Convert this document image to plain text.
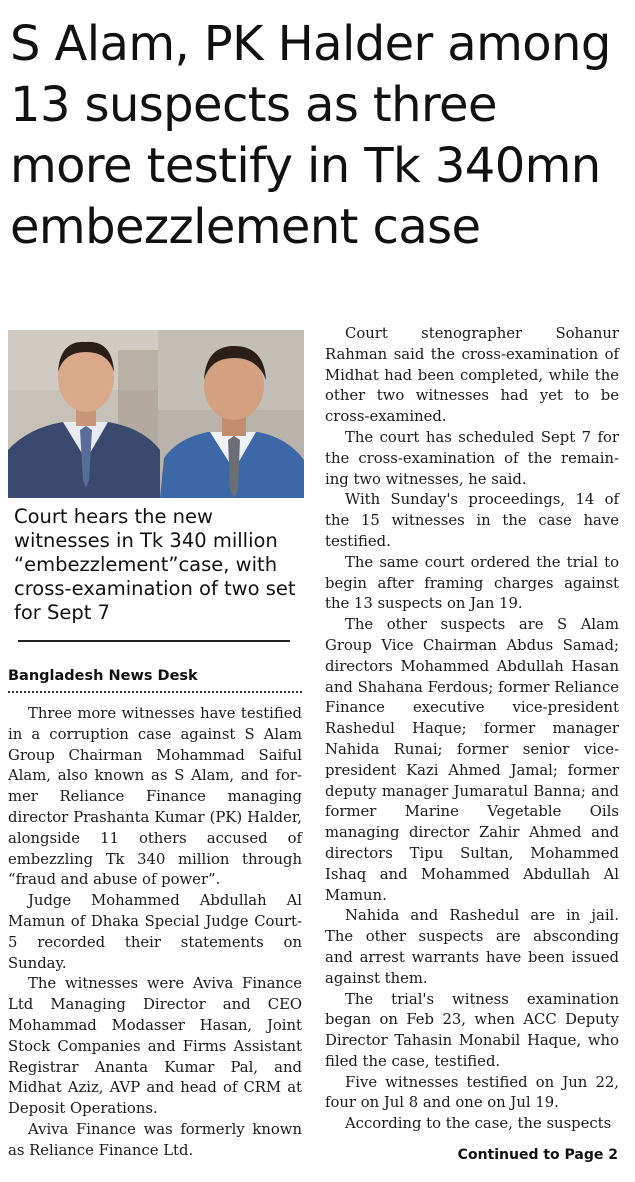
S Alam, PK Halder among 13 suspects as three more testify in Tk 340mn embezzlement case
Court hears the new witnesses in Tk 340 million “embezzlement”case, with cross-examination of two set for Sept 7
Bangladesh News Desk

Three more witnesses have testified in a corruption case against S Alam Group Chairman Mohammad Saiful Alam, also known as S Alam, and former Reliance Finance managing director Prashanta Kumar (PK) Halder, alongside 11 others accused of embezzling Tk 340 million through “fraud and abuse of power”.

Judge Mohammed Abdullah Al Mamun of Dhaka Special Judge Court-5 recorded their statements on Sunday.

The witnesses were Aviva Finance Ltd Managing Director and CEO Mohammad Modasser Hasan, Joint Stock Companies and Firms Assistant Registrar Ananta Kumar Pal, and Midhat Aziz, AVP and head of CRM at Deposit Operations.

Aviva Finance was formerly known as Reliance Finance Ltd.

Court stenographer Sohanur Rahman said the cross-examination of Midhat had been completed, while the other two witnesses had yet to be cross-examined.

The court has scheduled Sept 7 for the cross-examination of the remaining two witnesses, he said.

With Sunday's proceedings, 14 of the 15 witnesses in the case have testified.

The same court ordered the trial to begin after framing charges against the 13 suspects on Jan 19.

The other suspects are S Alam Group Vice Chairman Abdus Samad; directors Mohammed Abdullah Hasan and Shahana Ferdous; former Reliance Finance executive vice-president Rashedul Haque; former manager Nahida Runai; former senior vice-president Kazi Ahmed Jamal; former deputy manager Jumaratul Banna; and former Marine Vegetable Oils managing director Zahir Ahmed and directors Tipu Sultan, Mohammed Ishaq and Mohammed Abdullah Al Mamun.

Nahida and Rashedul are in jail. The other suspects are absconding and arrest warrants have been issued against them.

The trial's witness examination began on Feb 23, when ACC Deputy Director Tahasin Monabil Haque, who filed the case, testified.

Five witnesses testified on Jun 22, four on Jul 8 and one on Jul 19.

According to the case, the suspects

Continued to Page 2
